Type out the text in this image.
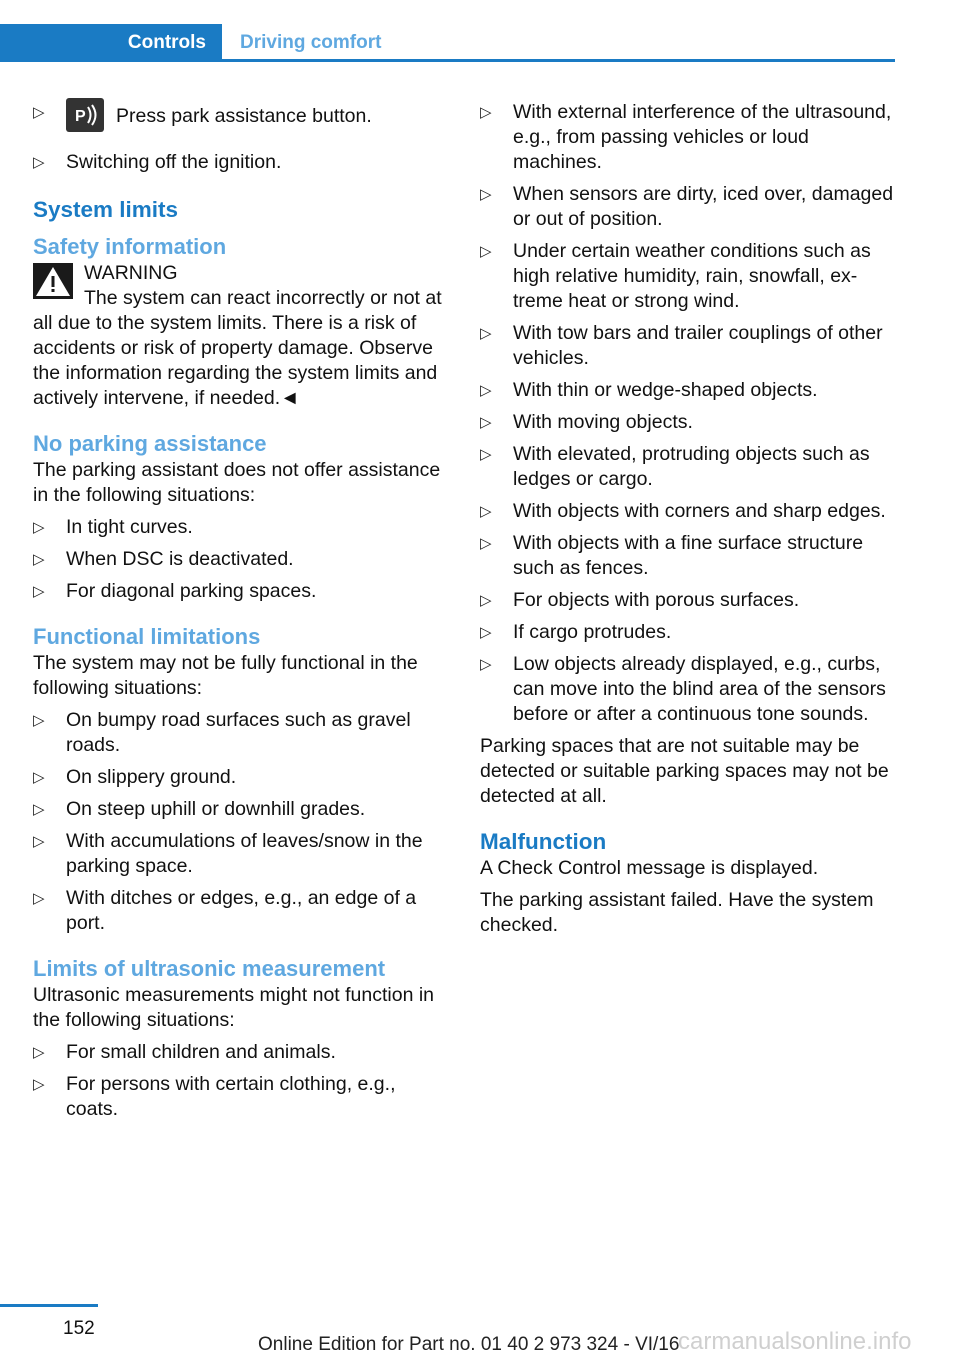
Controls	Driving comfort
▷ P Press park assistance button.
▷ Switching off the ignition.
System limits
Safety information
WARNING
The system can react incorrectly or not at all due to the system limits. There is a risk of accidents or risk of property damage. Observe the information regarding the system limits and actively intervene, if needed.◄
No parking assistance

The parking assistant does not offer assistance in the following situations:

▷ In tight curves.
▷ When DSC is deactivated.
▷ For diagonal parking spaces.
Functional limitations

The system may not be fully functional in the following situations:

▷ On bumpy road surfaces such as gravel roads.
▷ On slippery ground.
▷ On steep uphill or downhill grades.
▷ With accumulations of leaves/snow in the parking space.
▷ With ditches or edges, e.g., an edge of a port.
Limits of ultrasonic measurement

Ultrasonic measurements might not function in the following situations:

▷ For small children and animals.
▷ For persons with certain clothing, e.g., coats.
▷ With external interference of the ultrasound, e.g., from passing vehicles or loud machines.
▷ When sensors are dirty, iced over, damaged or out of position.
▷ Under certain weather conditions such as high relative humidity, rain, snowfall, extreme heat or strong wind.
▷ With tow bars and trailer couplings of other vehicles.
▷ With thin or wedge-shaped objects.
▷ With moving objects.
▷ With elevated, protruding objects such as ledges or cargo.
▷ With objects with corners and sharp edges.
▷ With objects with a fine surface structure such as fences.
▷ For objects with porous surfaces.
▷ If cargo protrudes.
▷ Low objects already displayed, e.g., curbs, can move into the blind area of the sensors before or after a continuous tone sounds.

Parking spaces that are not suitable may be detected or suitable parking spaces may not be detected at all.

Malfunction

A Check Control message is displayed.

The parking assistant failed. Have the system checked.

152
Online Edition for Part no. 01 40 2 973 324 - VI/16
carmanualsonline.info
